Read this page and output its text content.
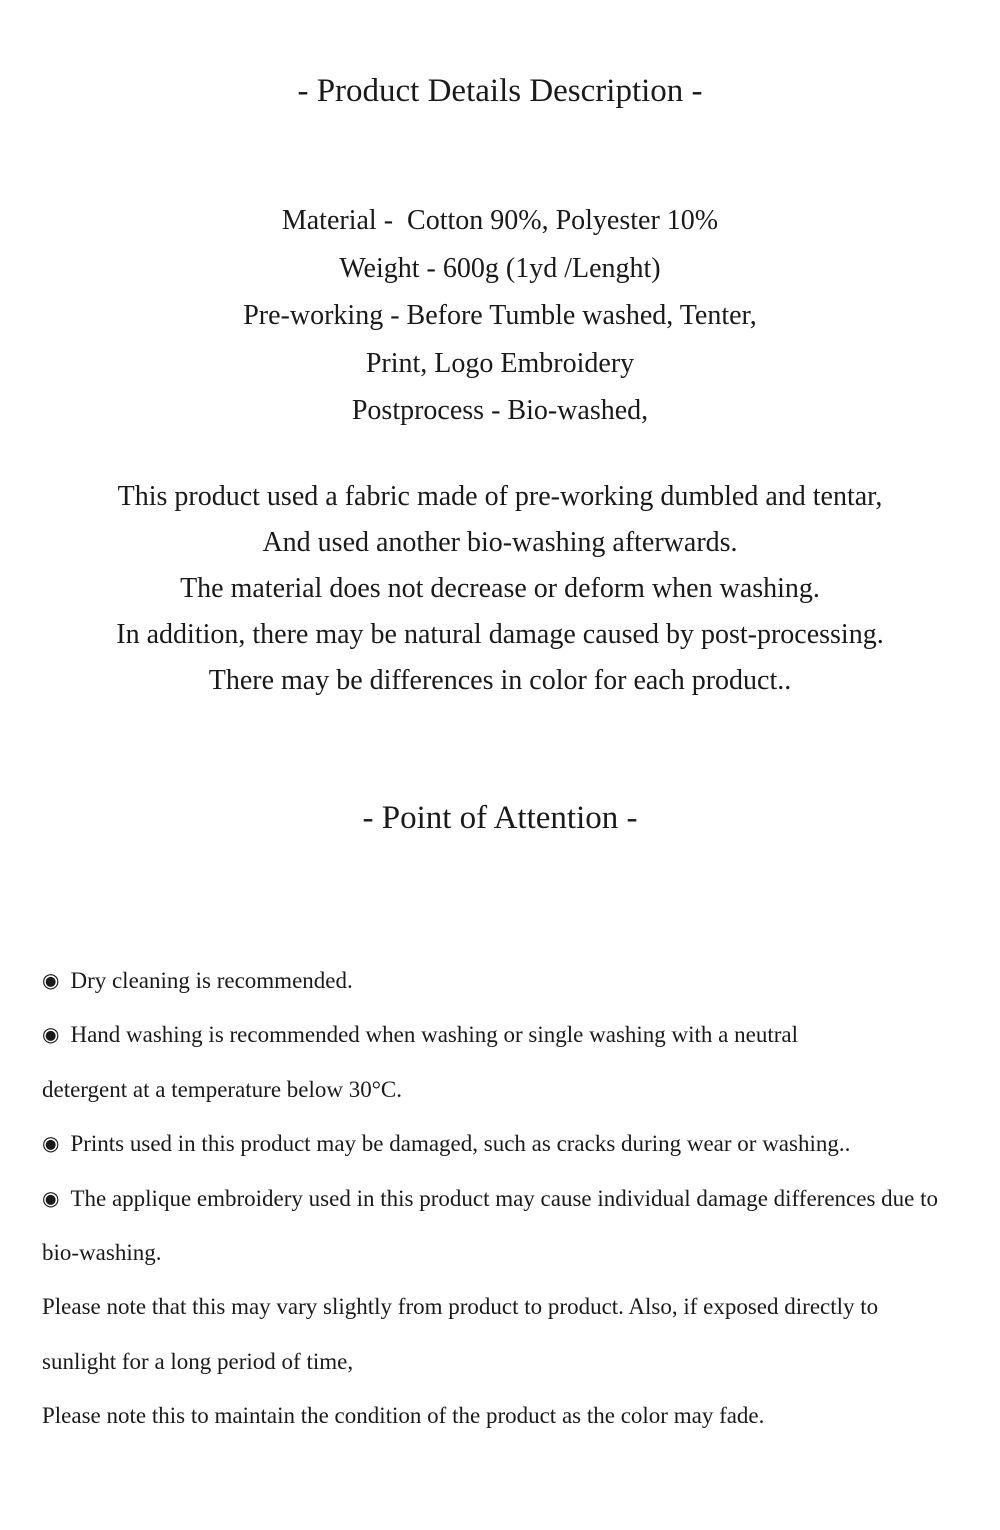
- Product Details Description -
Material -  Cotton 90%, Polyester 10%
Weight - 600g (1yd /Lenght)
Pre-working - Before Tumble washed, Tenter,
Print, Logo Embroidery
Postprocess - Bio-washed,
This product used a fabric made of pre-working dumbled and tentar,
And used another bio-washing afterwards.
The material does not decrease or deform when washing.
In addition, there may be natural damage caused by post-processing.
There may be differences in color for each product..
- Point of Attention -
◉ Dry cleaning is recommended.
◉ Hand washing is recommended when washing or single washing with a neutral
detergent at a temperature below 30°C.
◉ Prints used in this product may be damaged, such as cracks during wear or washing..
◉ The applique embroidery used in this product may cause individual damage differences due to
bio-washing.
Please note that this may vary slightly from product to product. Also, if exposed directly to
sunlight for a long period of time,
Please note this to maintain the condition of the product as the color may fade.
